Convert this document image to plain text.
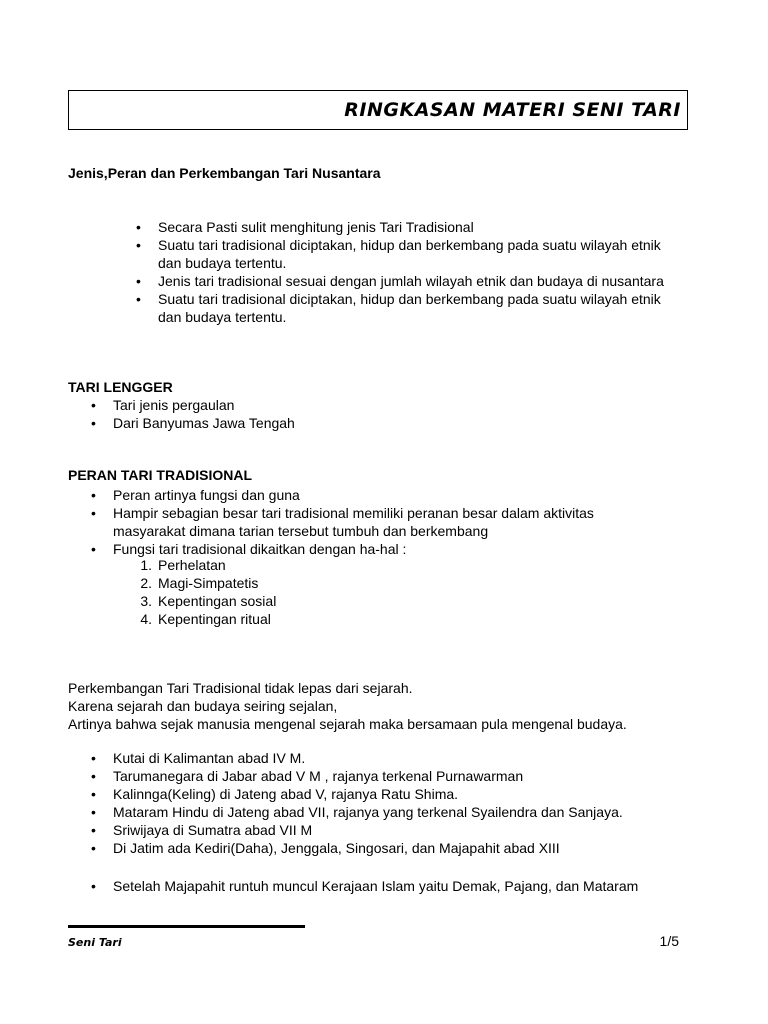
RINGKASAN MATERI SENI TARI

Jenis,Peran dan Perkembangan Tari Nusantara

• Secara Pasti sulit menghitung jenis Tari Tradisional
• Suatu tari tradisional diciptakan, hidup dan berkembang pada suatu wilayah etnik dan budaya tertentu.
• Jenis tari tradisional sesuai dengan jumlah wilayah etnik dan budaya di nusantara
• Suatu tari tradisional diciptakan, hidup dan berkembang pada suatu wilayah etnik dan budaya tertentu.

TARI LENGGER

• Tari jenis pergaulan
• Dari Banyumas Jawa Tengah

PERAN TARI TRADISIONAL

• Peran artinya fungsi dan guna
• Hampir sebagian besar tari tradisional memiliki peranan besar dalam aktivitas masyarakat dimana tarian tersebut tumbuh dan berkembang
• Fungsi tari tradisional dikaitkan dengan ha-hal :
1. Perhelatan
2. Magi-Simpatetis
3. Kepentingan sosial
4. Kepentingan ritual
Perkembangan Tari Tradisional tidak lepas dari sejarah.
Karena sejarah dan budaya seiring sejalan,
Artinya bahwa sejak manusia mengenal sejarah maka bersamaan pula mengenal budaya.
• Kutai di Kalimantan abad IV M.
• Tarumanegara di Jabar abad V M , rajanya terkenal Purnawarman
• Kalinnga(Keling) di Jateng abad V, rajanya Ratu Shima.
• Mataram Hindu di Jateng abad VII, rajanya yang terkenal Syailendra dan Sanjaya.
• Sriwijaya di Sumatra abad VII M
• Di Jatim ada Kediri(Daha), Jenggala, Singosari, dan Majapahit abad XIII
• Setelah Majapahit runtuh muncul Kerajaan Islam yaitu Demak, Pajang, dan Mataram
Seni Tari	1/5
